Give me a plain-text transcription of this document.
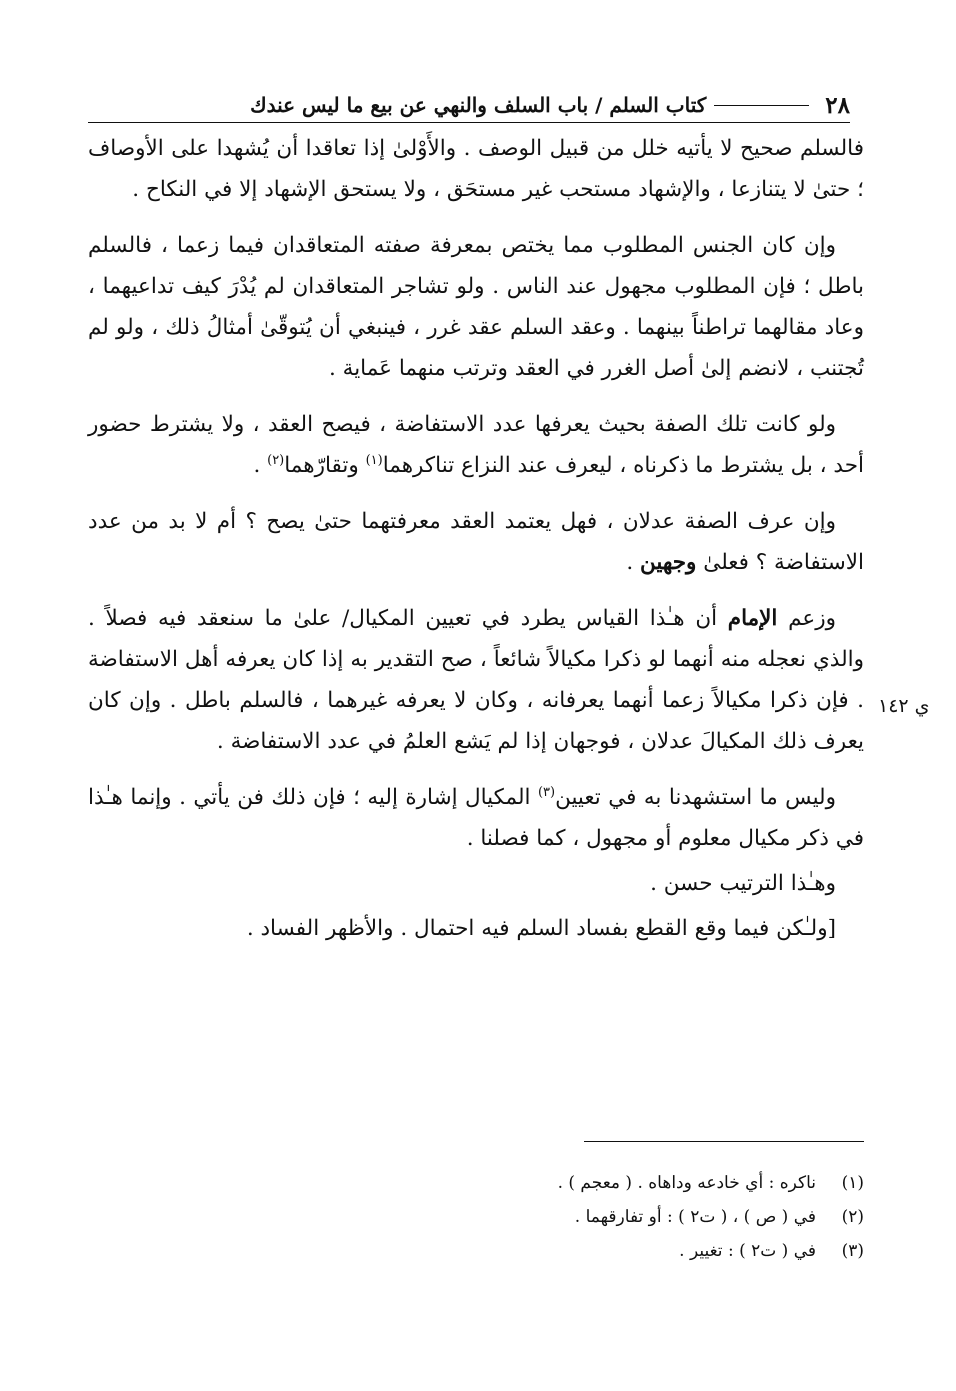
٢٨
كتاب السلم / باب السلف والنهي عن بيع ما ليس عندك
ي ١٤٢

فالسلم صحيح لا يأتيه خلل من قبيل الوصف . والأَوْلىٰ إذا تعاقدا أن يُشهدا على الأوصاف ؛ حتىٰ لا يتنازعا ، والإشهاد مستحب غير مستحَق ، ولا يستحق الإشهاد إلا في النكاح .

وإن كان الجنس المطلوب مما يختص بمعرفة صفته المتعاقدان فيما زعما ، فالسلم باطل ؛ فإن المطلوب مجهول عند الناس . ولو تشاجر المتعاقدان لم يُدْرَ كيف تداعيهما ، وعاد مقالهما تراطناً بينهما . وعقد السلم عقد غرر ، فينبغي أن يُتوقّىٰ أمثالُ ذلك ، ولو لم تُجتنب ، لانضم إلىٰ أصل الغرر في العقد وترتب منهما عَماية .

ولو كانت تلك الصفة بحيث يعرفها عدد الاستفاضة ، فيصح العقد ، ولا يشترط حضور أحد ، بل يشترط ما ذكرناه ، ليعرف عند النزاع تناكرهما$^{(١)}$ وتقارّهما$^{(٢)}$ .

وإن عرف الصفة عدلان ، فهل يعتمد العقد معرفتهما حتىٰ يصح ؟ أم لا بد من عدد الاستفاضة ؟ فعلىٰ وجهين .

وزعم الإمام أن هـٰذا القياس يطرد في تعيين المكيال/ علىٰ ما سنعقد فيه فصلاً . والذي نعجله منه أنهما لو ذكرا مكيالاً شائعاً ، صح التقدير به إذا كان يعرفه أهل الاستفاضة . فإن ذكرا مكيالاً زعما أنهما يعرفانه ، وكان لا يعرفه غيرهما ، فالسلم باطل . وإن كان يعرف ذلك المكيالَ عدلان ، فوجهان إذا لم يَشع العلمُ في عدد الاستفاضة .

وليس ما استشهدنا به في تعيين$^{(٣)}$ المكيال إشارة إليه ؛ فإن ذلك فن يأتي . وإنما هـٰذا في ذكر مكيال معلوم أو مجهول ، كما فصلنا .

وهـٰذا الترتيب حسن .

[ولـٰكن فيما وقع القطع بفساد السلم فيه احتمال . والأظهر الفساد .

(١)
ناكره : أي خادعه وداهاه . ( معجم ) .
(٢)
في ( ص ) ، ( ت٢ ) : أو تفارقهما .
(٣)
في ( ت٢ ) : تغيير .
